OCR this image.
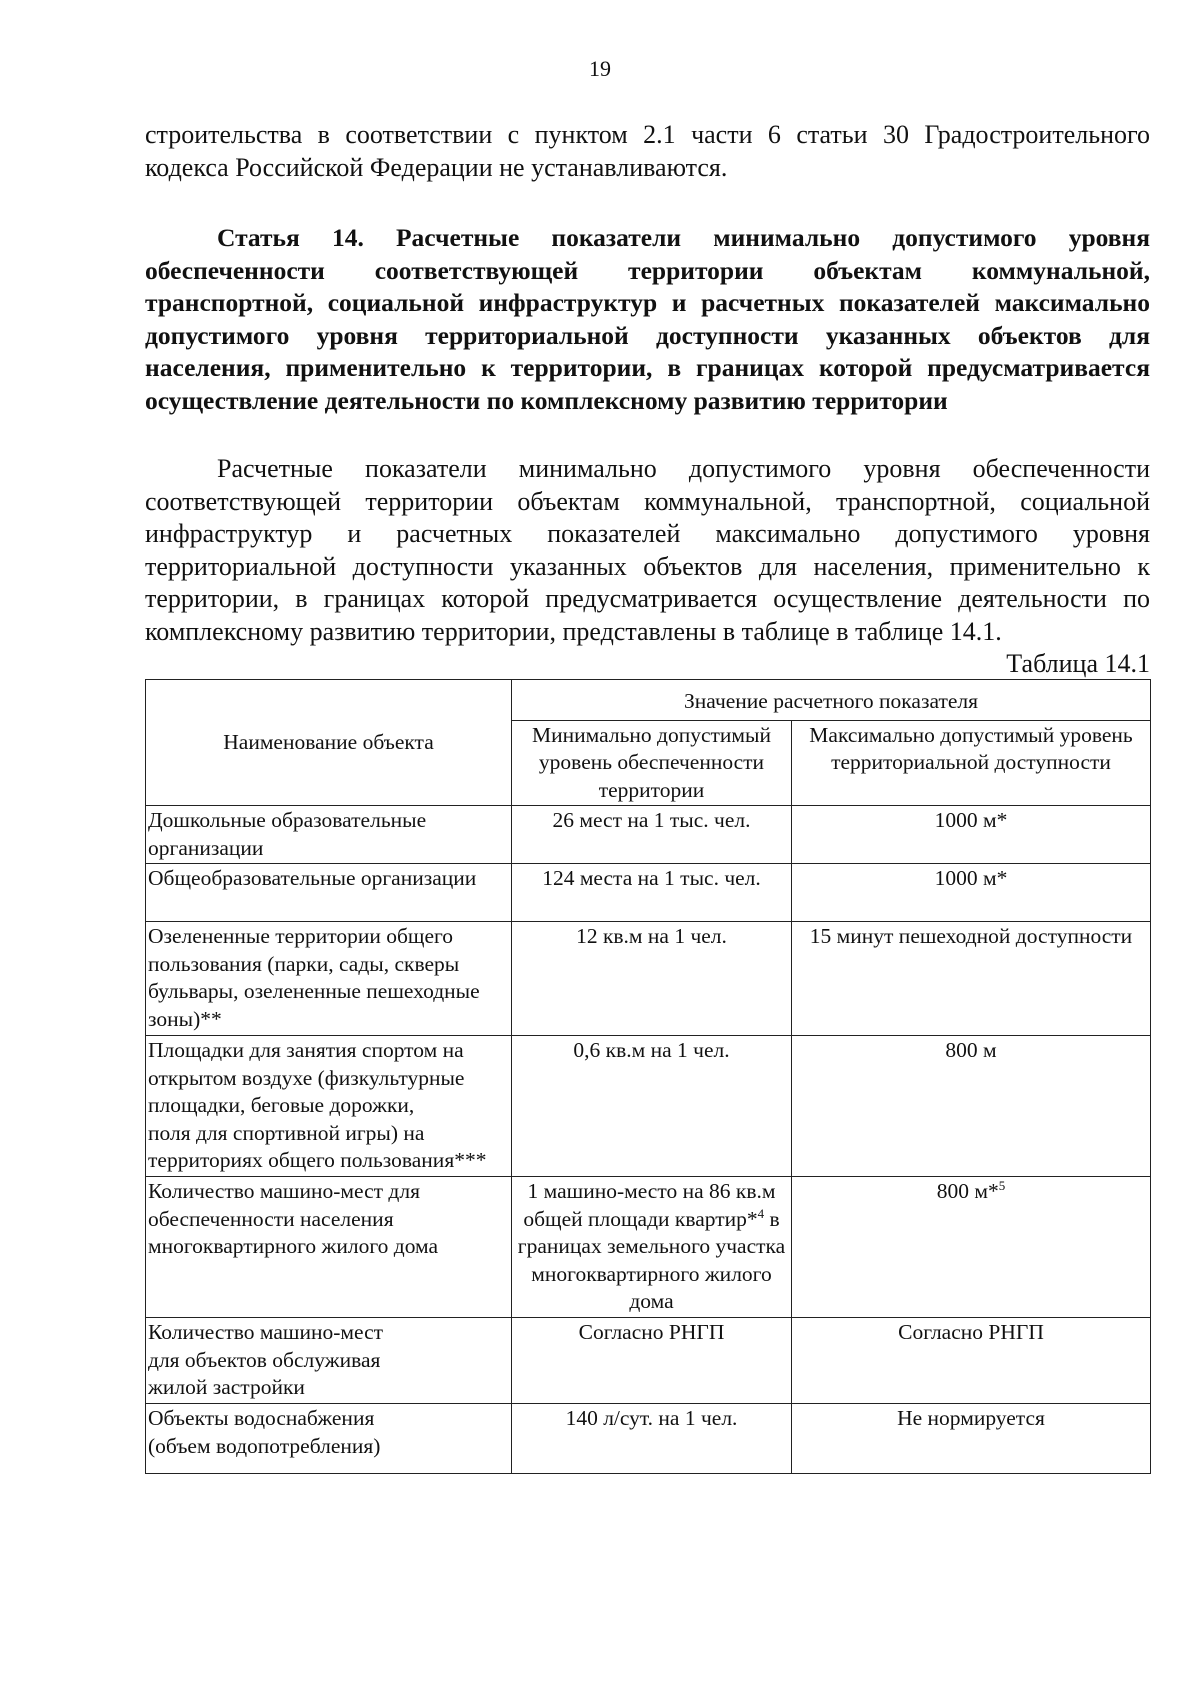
19

строительства в соответствии с пунктом 2.1 части 6 статьи 30 Градостроительного кодекса Российской Федерации не устанавливаются.

Статья 14. Расчетные показатели минимально допустимого уровня обеспеченности соответствующей территории объектам коммунальной, транспортной, социальной инфраструктур и расчетных показателей максимально допустимого уровня территориальной доступности указанных объектов для населения, применительно к территории, в границах которой предусматривается осуществление деятельности по комплексному развитию территории

Расчетные показатели минимально допустимого уровня обеспеченности соответствующей территории объектам коммунальной, транспортной, социальной инфраструктур и расчетных показателей максимально допустимого уровня территориальной доступности указанных объектов для населения, применительно к территории, в границах которой предусматривается осуществление деятельности по комплексному развитию территории, представлены в таблице в таблице 14.1.

Таблица 14.1
Наименование объекта	Значение расчетного показателя	
	Минимально допустимый уровень обеспеченности территории	Максимально допустимый уровень территориальной доступности
Дошкольные образовательные организации	26 мест на 1 тыс. чел.	1000 м*
Общеобразовательные организации	124 места на 1 тыс. чел.	1000 м*
Озелененные территории общего пользования (парки, сады, скверы бульвары, озелененные пешеходные зоны)**	12 кв.м на 1 чел.	15 минут пешеходной доступности
Площадки для занятия спортом на открытом воздухе (физкультурные площадки, беговые дорожки,
поля для спортивной игры) на территориях общего пользования***	0,6 кв.м на 1 чел.	800 м
Количество машино-мест для обеспеченности населения многоквартирного жилого дома	1 машино-место на 86 кв.м общей площади квартир*$^4$ в границах земельного участка многоквартирного жилого дома	800 м*$^5$
Количество машино-мест
для объектов обслуживая
жилой застройки	Согласно РНГП	Согласно РНГП
Объекты водоснабжения
(объем водопотребления)	140 л/сут. на 1 чел.	Не нормируется
